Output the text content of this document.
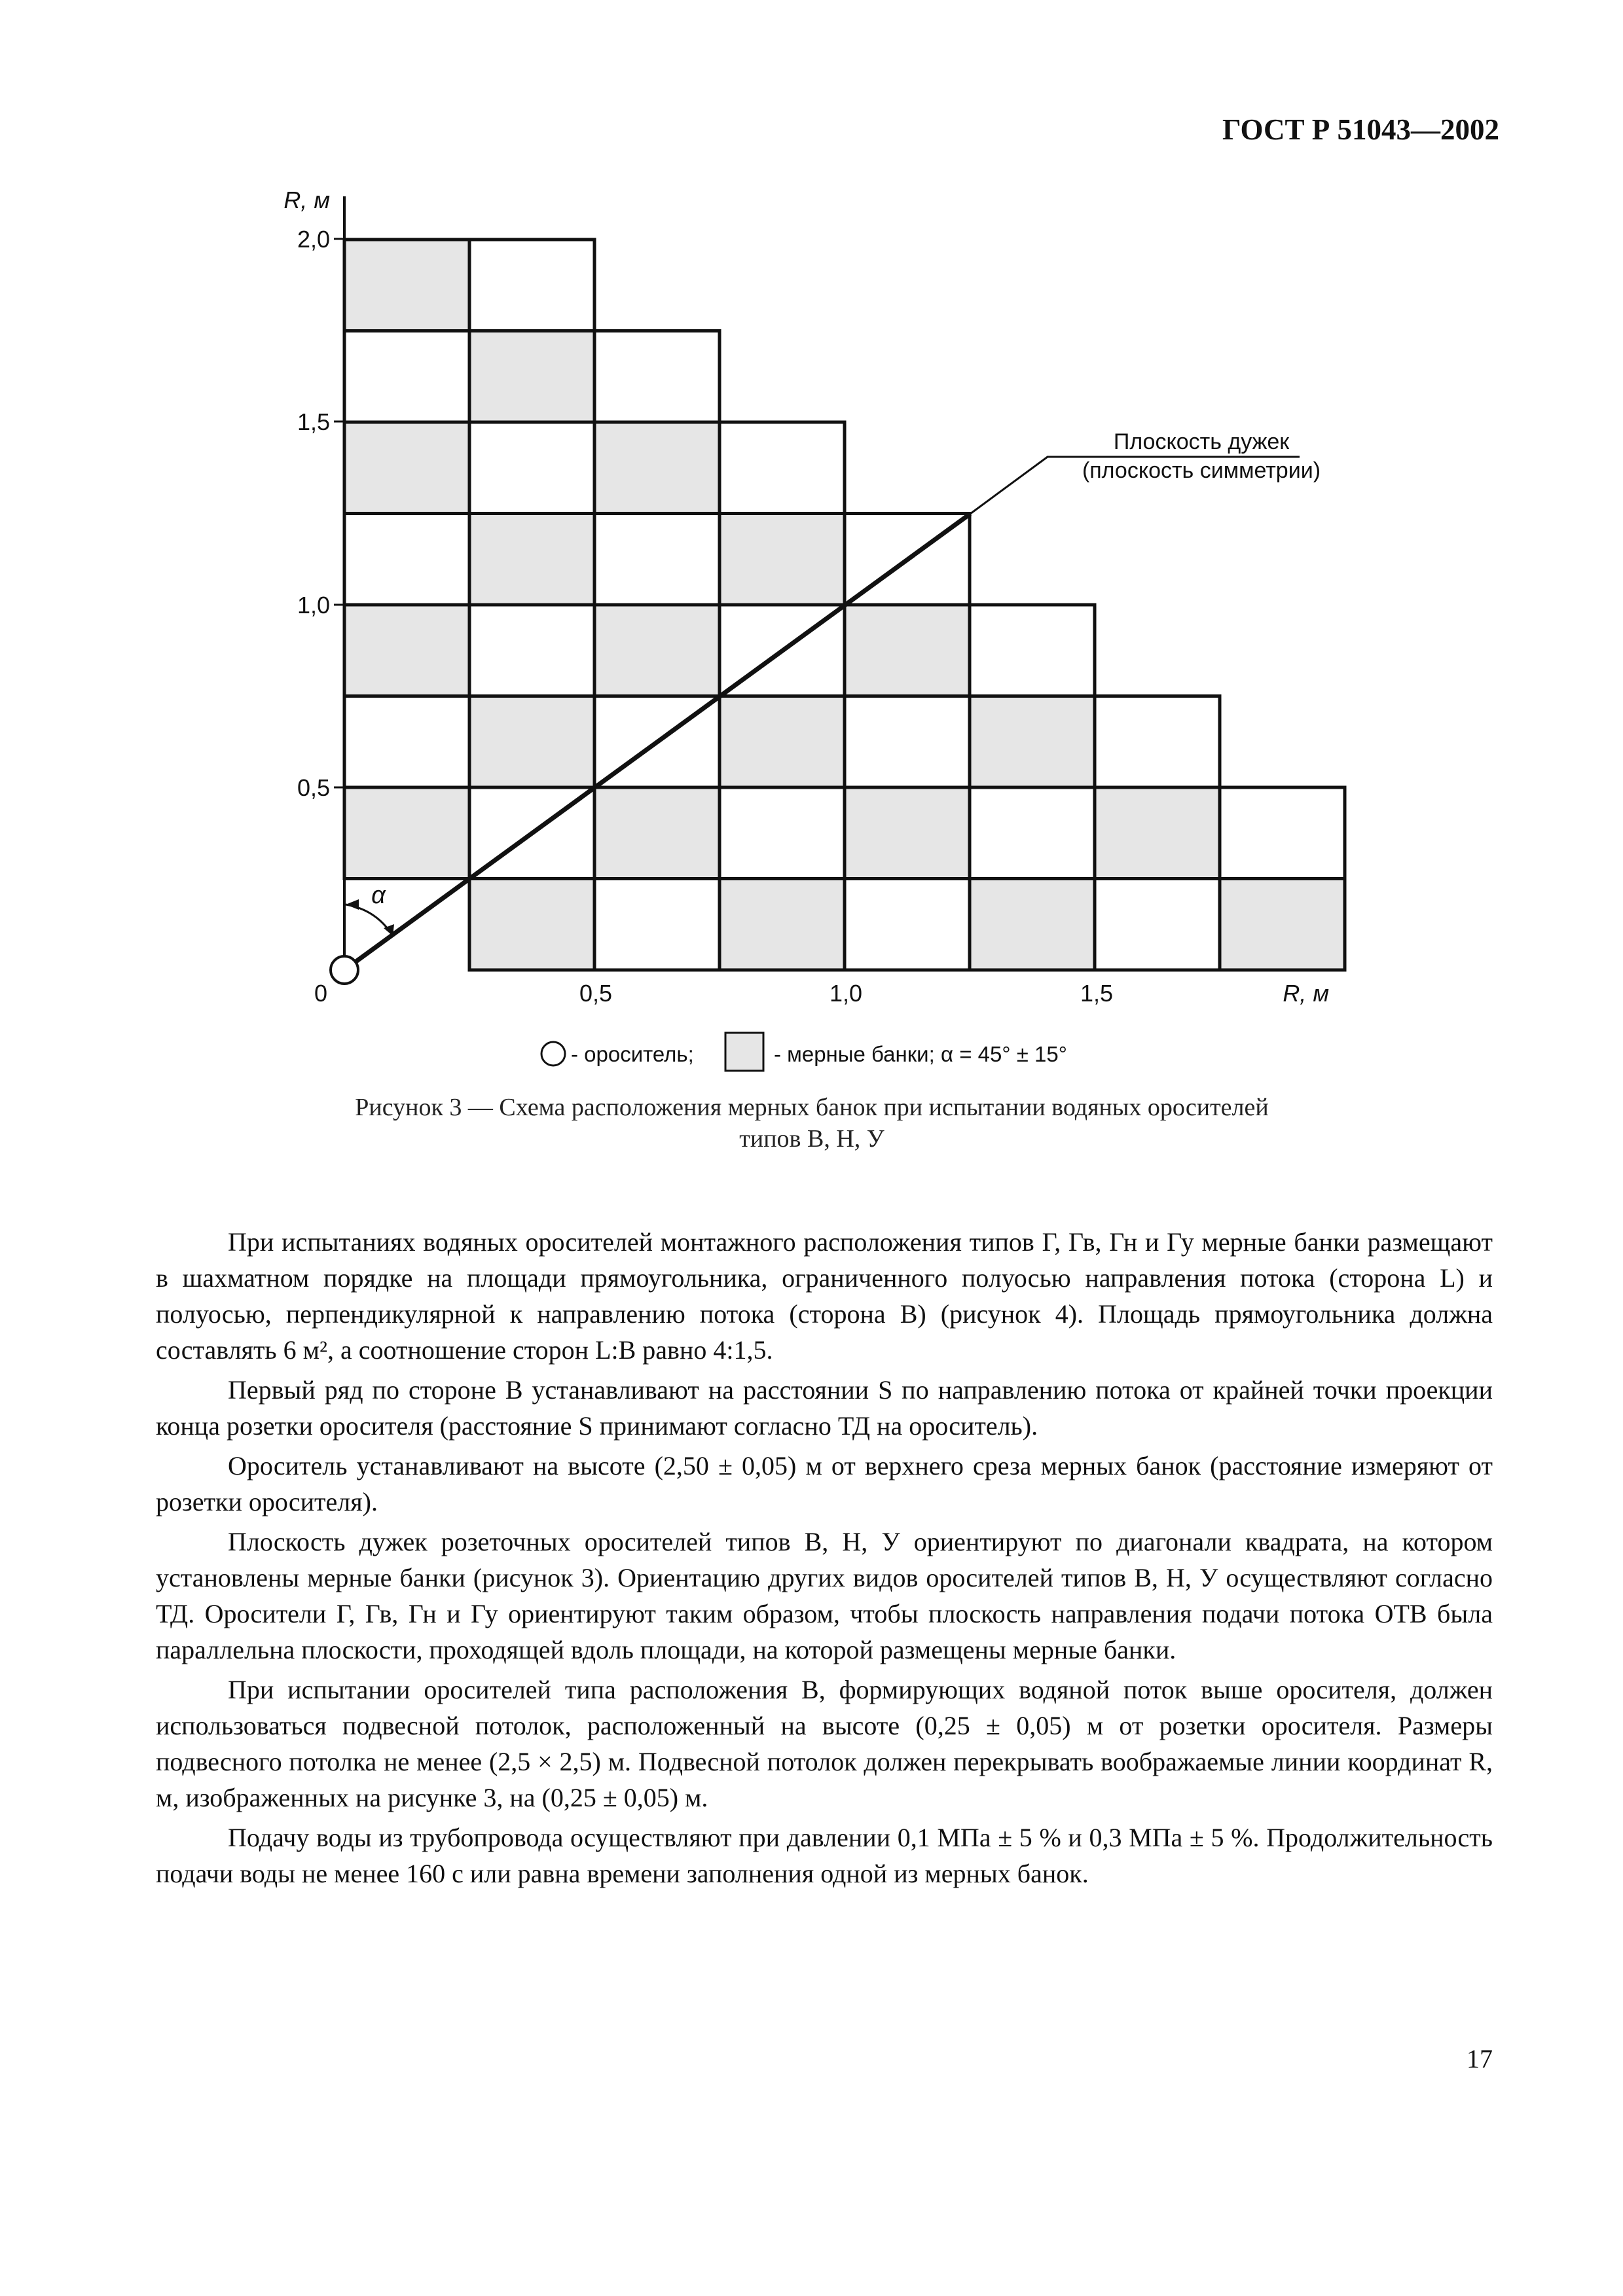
ГОСТ Р 51043—2002
R, м
2,0
1,5
1,0
0,5
0	0,5	1,0	1,5	R, м
α
Плоскость дужек
(плоскость симметрии)
- ороситель;	- мерные банки; α = 45° ± 15°
Рисунок 3 — Схема расположения мерных банок при испытании водяных оросителей
типов В, Н, У

При испытаниях водяных оросителей монтажного расположения типов Г, Гв, Гн и Гу мерные банки размещают в шахматном порядке на площади прямоугольника, ограниченного полуосью направления потока (сторона L) и полуосью, перпендикулярной к направлению потока (сторона B) (рисунок 4). Площадь прямоугольника должна составлять 6 м², а соотношение сторон L:B равно 4:1,5.

Первый ряд по стороне B устанавливают на расстоянии S по направлению потока от крайней точки проекции конца розетки оросителя (расстояние S принимают согласно ТД на ороситель).

Ороситель устанавливают на высоте (2,50 ± 0,05) м от верхнего среза мерных банок (расстояние измеряют от розетки оросителя).

Плоскость дужек розеточных оросителей типов В, Н, У ориентируют по диагонали квадрата, на котором установлены мерные банки (рисунок 3). Ориентацию других видов оросителей типов В, Н, У осуществляют согласно ТД. Оросители Г, Гв, Гн и Гу ориентируют таким образом, чтобы плоскость направления подачи потока ОТВ была параллельна плоскости, проходящей вдоль площади, на которой размещены мерные банки.

При испытании оросителей типа расположения B, формирующих водяной поток выше оросителя, должен использоваться подвесной потолок, расположенный на высоте (0,25 ± 0,05) м от розетки оросителя. Размеры подвесного потолка не менее (2,5 × 2,5) м. Подвесной потолок должен перекрывать воображаемые линии координат R, м, изображенных на рисунке 3, на (0,25 ± 0,05) м.

Подачу воды из трубопровода осуществляют при давлении 0,1 МПа ± 5 % и 0,3 МПа ± 5 %. Продолжительность подачи воды не менее 160 с или равна времени заполнения одной из мерных банок.

17
